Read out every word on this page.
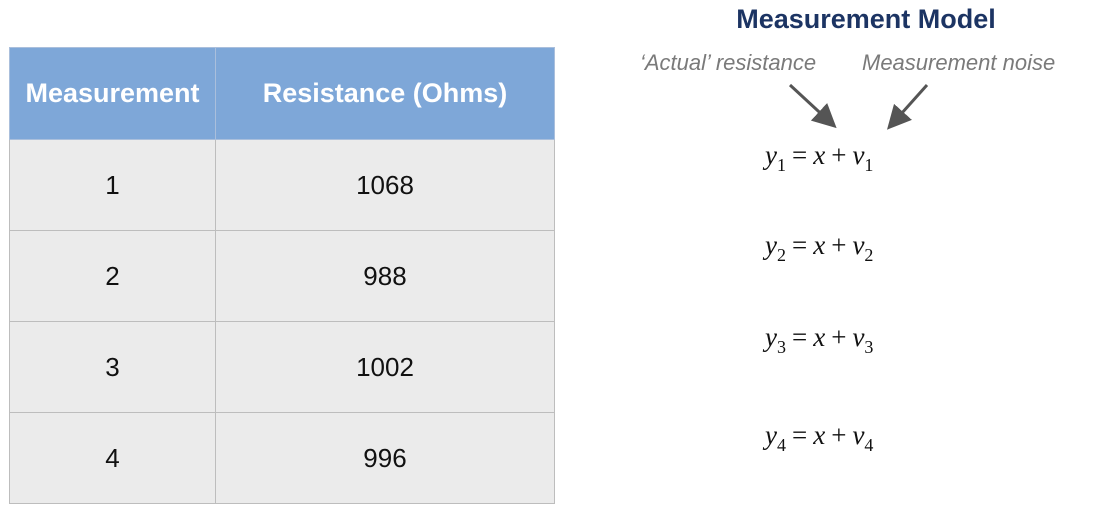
Measurement	Resistance (Ohms)
1	1068
2	988
3	1002
4	996
Measurement Model
‘Actual’ resistance Measurement noise
$y_1 = x + v_1$
$y_2 = x + v_2$
$y_3 = x + v_3$
$y_4 = x + v_4$
